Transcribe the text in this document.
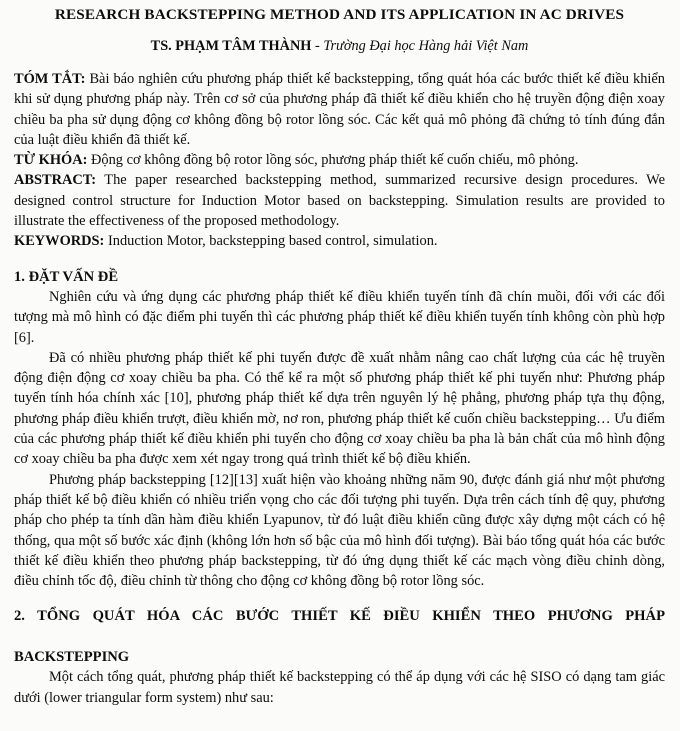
RESEARCH BACKSTEPPING METHOD AND ITS APPLICATION IN AC DRIVES
TS. PHẠM TÂM THÀNH - Trường Đại học Hàng hải Việt Nam

TÓM TẮT: Bài báo nghiên cứu phương pháp thiết kế backstepping, tổng quát hóa các bước thiết kế điều khiển khi sử dụng phương pháp này. Trên cơ sở của phương pháp đã thiết kế điều khiển cho hệ truyền động điện xoay chiều ba pha sử dụng động cơ không đồng bộ rotor lồng sóc. Các kết quả mô phỏng đã chứng tỏ tính đúng đắn của luật điều khiển đã thiết kế.

TỪ KHÓA: Động cơ không đồng bộ rotor lồng sóc, phương pháp thiết kế cuốn chiếu, mô phỏng.

ABSTRACT: The paper researched backstepping method, summarized recursive design procedures. We designed control structure for Induction Motor based on backstepping. Simulation results are provided to illustrate the effectiveness of the proposed methodology.

KEYWORDS: Induction Motor, backstepping based control, simulation.

1. ĐẶT VẤN ĐỀ

Nghiên cứu và ứng dụng các phương pháp thiết kế điều khiển tuyến tính đã chín muồi, đối với các đối tượng mà mô hình có đặc điểm phi tuyến thì các phương pháp thiết kế điều khiển tuyến tính không còn phù hợp [6].

Đã có nhiều phương pháp thiết kế phi tuyến được đề xuất nhằm nâng cao chất lượng của các hệ truyền động điện động cơ xoay chiều ba pha. Có thể kể ra một số phương pháp thiết kế phi tuyến như: Phương pháp tuyến tính hóa chính xác [10], phương pháp thiết kế dựa trên nguyên lý hệ phẳng, phương pháp tựa thụ động, phương pháp điều khiển trượt, điều khiển mờ, nơ ron, phương pháp thiết kế cuốn chiều backstepping… Ưu điểm của các phương pháp thiết kế điều khiển phi tuyến cho động cơ xoay chiều ba pha là bản chất của mô hình động cơ xoay chiều ba pha được xem xét ngay trong quá trình thiết kế bộ điều khiển.

Phương pháp backstepping [12][13] xuất hiện vào khoảng những năm 90, được đánh giá như một phương pháp thiết kế bộ điều khiển có nhiều triển vọng cho các đối tượng phi tuyến. Dựa trên cách tính đệ quy, phương pháp cho phép ta tính dần hàm điều khiển Lyapunov, từ đó luật điều khiển cũng được xây dựng một cách có hệ thống, qua một số bước xác định (không lớn hơn số bậc của mô hình đối tượng). Bài báo tổng quát hóa các bước thiết kế điều khiển theo phương pháp backstepping, từ đó ứng dụng thiết kế các mạch vòng điều chỉnh dòng, điều chỉnh tốc độ, điều chỉnh từ thông cho động cơ không đồng bộ rotor lồng sóc.

2. TỔNG QUÁT HÓA CÁC BƯỚC THIẾT KẾ ĐIỀU KHIỂN THEO PHƯƠNG PHÁP
BACKSTEPPING

Một cách tổng quát, phương pháp thiết kế backstepping có thể áp dụng với các hệ SISO có dạng tam giác dưới (lower triangular form system) như sau:
